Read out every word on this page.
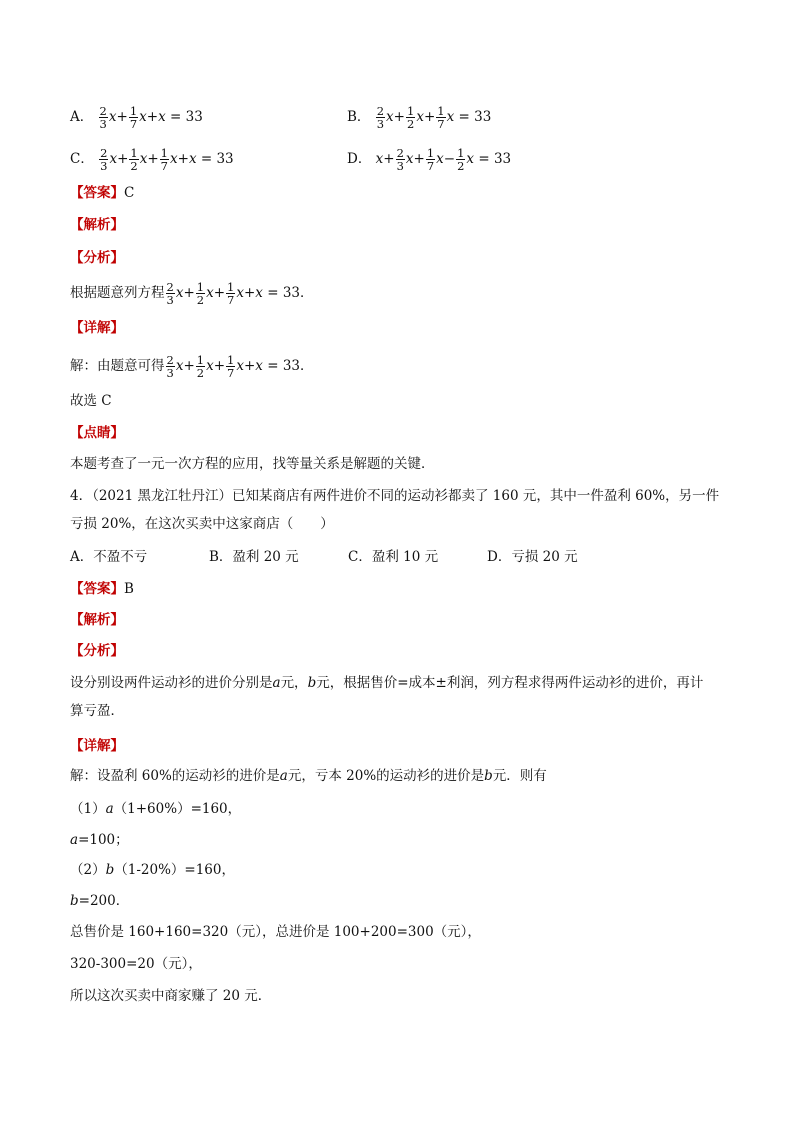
A． $\frac{2}{3} x+ \frac{1}{7} x+x = 33$	B． $\frac{2}{3} x+ \frac{1}{2} x+ \frac{1}{7}$ x = 33
C． $\frac{2}{3} x+ \frac{1}{2} x+ \frac{1}{7} x+x = 33$	D． $x+ \frac{2}{3} x+ \frac{1}{7} x- \frac{1}{2}$ x = 33
【答案】C
【解析】
【分析】
根据题意列方程 $\frac{2}{3} x+ \frac{1}{2} x+ \frac{1}{7} x+x = 33$．
【详解】
解：由题意可得 $\frac{2}{3} x+ \frac{1}{2} x+ \frac{1}{7} x+x = 33$．
故选 C
【点睛】
本题考查了一元一次方程的应用，找等量关系是解题的关键．
4．（2021 黑龙江牡丹江）已知某商店有两件进价不同的运动衫都卖了 160 元，其中一件盈利 60%，另一件
亏损 20%，在这次买卖中这家商店（　　）
A．不盈不亏	B．盈利 20 元	C．盈利 10 元	D．亏损 20 元
【答案】B
【解析】
【分析】
设分别设两件运动衫的进价分别是a元，b元，根据售价=成本±利润，列方程求得两件运动衫的进价，再计
算亏盈．
【详解】
解：设盈利 60%的运动衫的进价是a元，亏本 20%的运动衫的进价是b元．则有
（1）a（1+60%）=160，
a=100；
（2）b（1-20%）=160，
b=200．
总售价是 160+160=320（元），总进价是 100+200=300（元），
320-300=20（元），
所以这次买卖中商家赚了 20 元．
